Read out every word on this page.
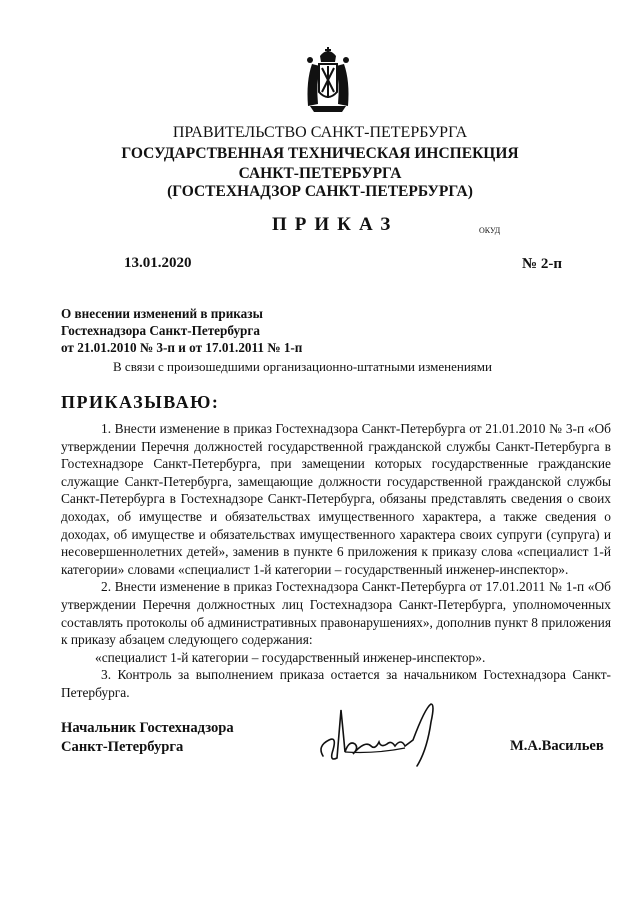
ПРАВИТЕЛЬСТВО САНКТ-ПЕТЕРБУРГА
ГОСУДАРСТВЕННАЯ ТЕХНИЧЕСКАЯ ИНСПЕКЦИЯ
САНКТ-ПЕТЕРБУРГА
(ГОСТЕХНАДЗОР САНКТ-ПЕТЕРБУРГА)
ПРИКАЗ	ОКУД
13.01.2020	№ 2-п
О внесении изменений в приказы
Гостехнадзора Санкт-Петербурга
от 21.01.2010 № 3-п и от 17.01.2011 № 1-п
В связи с произошедшими организационно-штатными изменениями
ПРИКАЗЫВАЮ:

1. Внести изменение в приказ Гостехнадзора Санкт-Петербурга от 21.01.2010 № 3-п «Об утверждении Перечня должностей государственной гражданской службы Санкт-Петербурга в Гостехнадзоре Санкт-Петербурга, при замещении которых государственные гражданские служащие Санкт-Петербурга, замещающие должности государственной гражданской службы Санкт-Петербурга в Гостехнадзоре Санкт-Петербурга, обязаны представлять сведения о своих доходах, об имуществе и обязательствах имущественного характера, а также сведения о доходах, об имуществе и обязательствах имущественного характера своих супруги (супруга) и несовершеннолетних детей», заменив в пункте 6 приложения к приказу слова «специалист 1-й категории» словами «специалист 1-й категории – государственный инженер-инспектор».

2. Внести изменение в приказ Гостехнадзора Санкт-Петербурга от 17.01.2011 № 1-п «Об утверждении Перечня должностных лиц Гостехнадзора Санкт-Петербурга, уполномоченных составлять протоколы об административных правонарушениях», дополнив пункт 8 приложения к приказу абзацем следующего содержания:

«специалист 1-й категории – государственный инженер-инспектор».

3. Контроль за выполнением приказа остается за начальником Гостехнадзора Санкт-Петербурга.

Начальник Гостехнадзора
Санкт-Петербурга	М.А.Васильев
